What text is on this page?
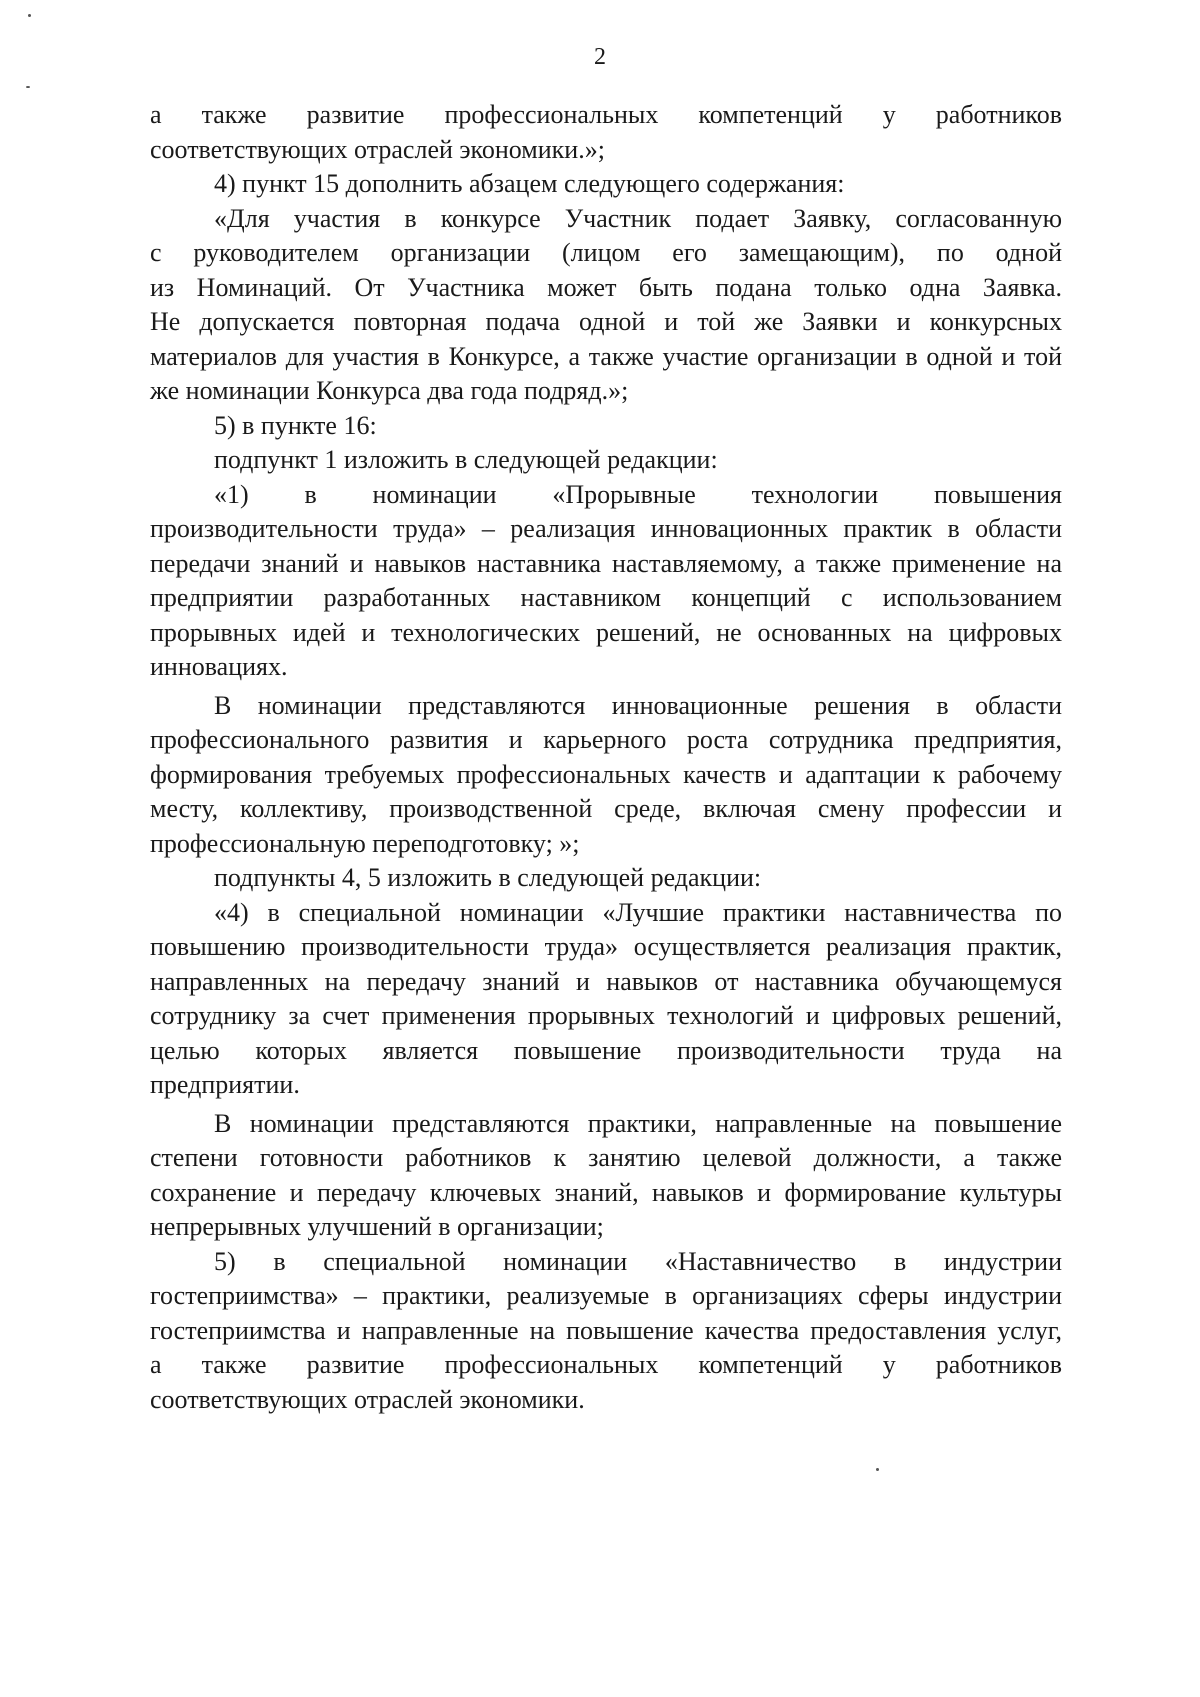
2
а также развитие профессиональных компетенций у работников
соответствующих отраслей экономики.»;
4) пункт 15 дополнить абзацем следующего содержания:
«Для участия в конкурсе Участник подает Заявку, согласованную
с руководителем организации (лицом его замещающим), по одной
из Номинаций. От Участника может быть подана только одна Заявка.
Не допускается повторная подача одной и той же Заявки и конкурсных
материалов для участия в Конкурсе, а также участие организации в одной и той
же номинации Конкурса два года подряд.»;
5) в пункте 16:
подпункт 1 изложить в следующей редакции:
«1) в номинации «Прорывные технологии повышения
производительности труда» – реализация инновационных практик в области
передачи знаний и навыков наставника наставляемому, а также применение на
предприятии разработанных наставником концепций с использованием
прорывных идей и технологических решений, не основанных на цифровых
инновациях.
В номинации представляются инновационные решения в области
профессионального развития и карьерного роста сотрудника предприятия,
формирования требуемых профессиональных качеств и адаптации к рабочему
месту, коллективу, производственной среде, включая смену профессии и
профессиональную переподготовку; »;
подпункты 4, 5 изложить в следующей редакции:
«4) в специальной номинации «Лучшие практики наставничества по
повышению производительности труда» осуществляется реализация практик,
направленных на передачу знаний и навыков от наставника обучающемуся
сотруднику за счет применения прорывных технологий и цифровых решений,
целью которых является повышение производительности труда на
предприятии.
В номинации представляются практики, направленные на повышение
степени готовности работников к занятию целевой должности, а также
сохранение и передачу ключевых знаний, навыков и формирование культуры
непрерывных улучшений в организации;
5) в специальной номинации «Наставничество в индустрии
гостеприимства» – практики, реализуемые в организациях сферы индустрии
гостеприимства и направленные на повышение качества предоставления услуг,
а также развитие профессиональных компетенций у работников
соответствующих отраслей экономики.
